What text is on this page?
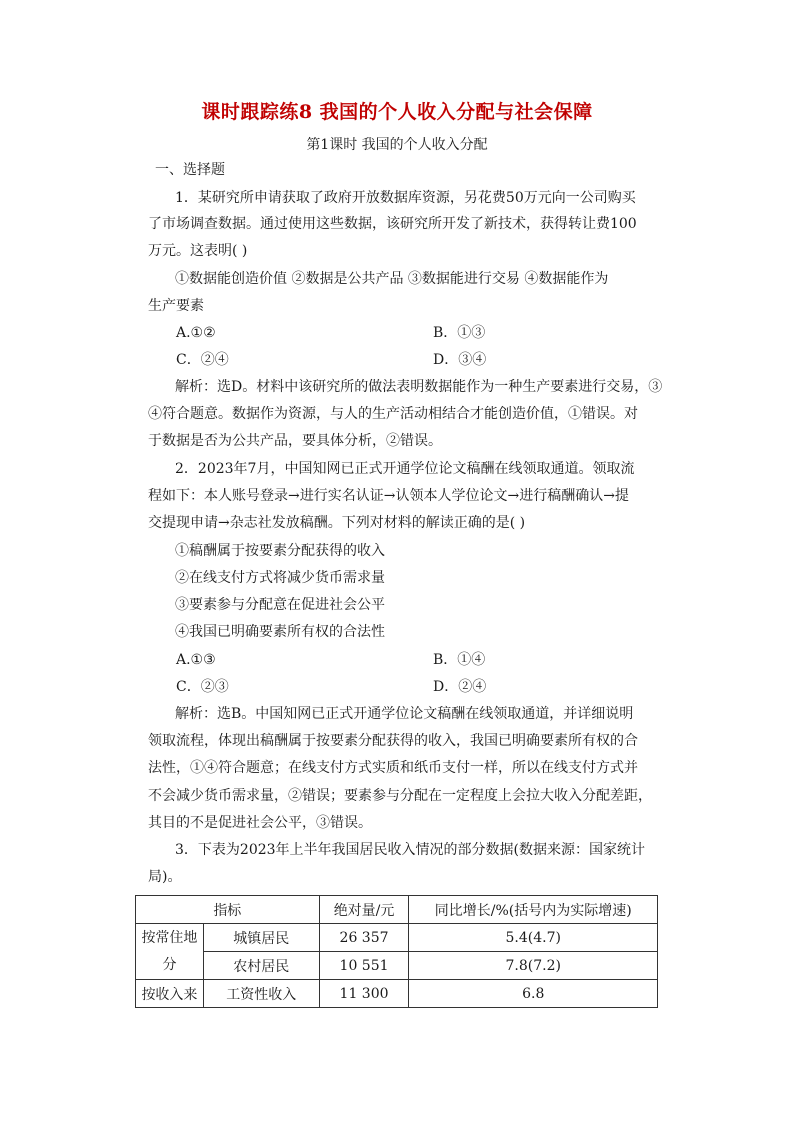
课时跟踪练8 我国的个人收入分配与社会保障
第1课时 我国的个人收入分配
一、选择题
1．某研究所申请获取了政府开放数据库资源，另花费50万元向一公司购买
了市场调查数据。通过使用这些数据，该研究所开发了新技术，获得转让费100
万元。这表明( )
①数据能创造价值 ②数据是公共产品 ③数据能进行交易 ④数据能作为
生产要素
A.①②	B．①③
C．②④	D．③④
解析：选D。材料中该研究所的做法表明数据能作为一种生产要素进行交易，③
④符合题意。数据作为资源，与人的生产活动相结合才能创造价值，①错误。对
于数据是否为公共产品，要具体分析，②错误。
2．2023年7月，中国知网已正式开通学位论文稿酬在线领取通道。领取流
程如下：本人账号登录→进行实名认证→认领本人学位论文→进行稿酬确认→提
交提现申请→杂志社发放稿酬。下列对材料的解读正确的是( )
①稿酬属于按要素分配获得的收入
②在线支付方式将减少货币需求量
③要素参与分配意在促进社会公平
④我国已明确要素所有权的合法性
A.①③	B．①④
C．②③	D．②④
解析：选B。中国知网已正式开通学位论文稿酬在线领取通道，并详细说明
领取流程，体现出稿酬属于按要素分配获得的收入，我国已明确要素所有权的合
法性，①④符合题意；在线支付方式实质和纸币支付一样，所以在线支付方式并
不会减少货币需求量，②错误；要素参与分配在一定程度上会拉大收入分配差距，
其目的不是促进社会公平，③错误。
3．下表为2023年上半年我国居民收入情况的部分数据(数据来源：国家统计
局)。
指标		绝对量/元	同比增长/%(括号内为实际增速)

按常住地
分	城镇居民	26 357	5.4(4.7)
	农村居民	10 551	7.8(7.2)
按收入来	工资性收入	11 300	6.8
